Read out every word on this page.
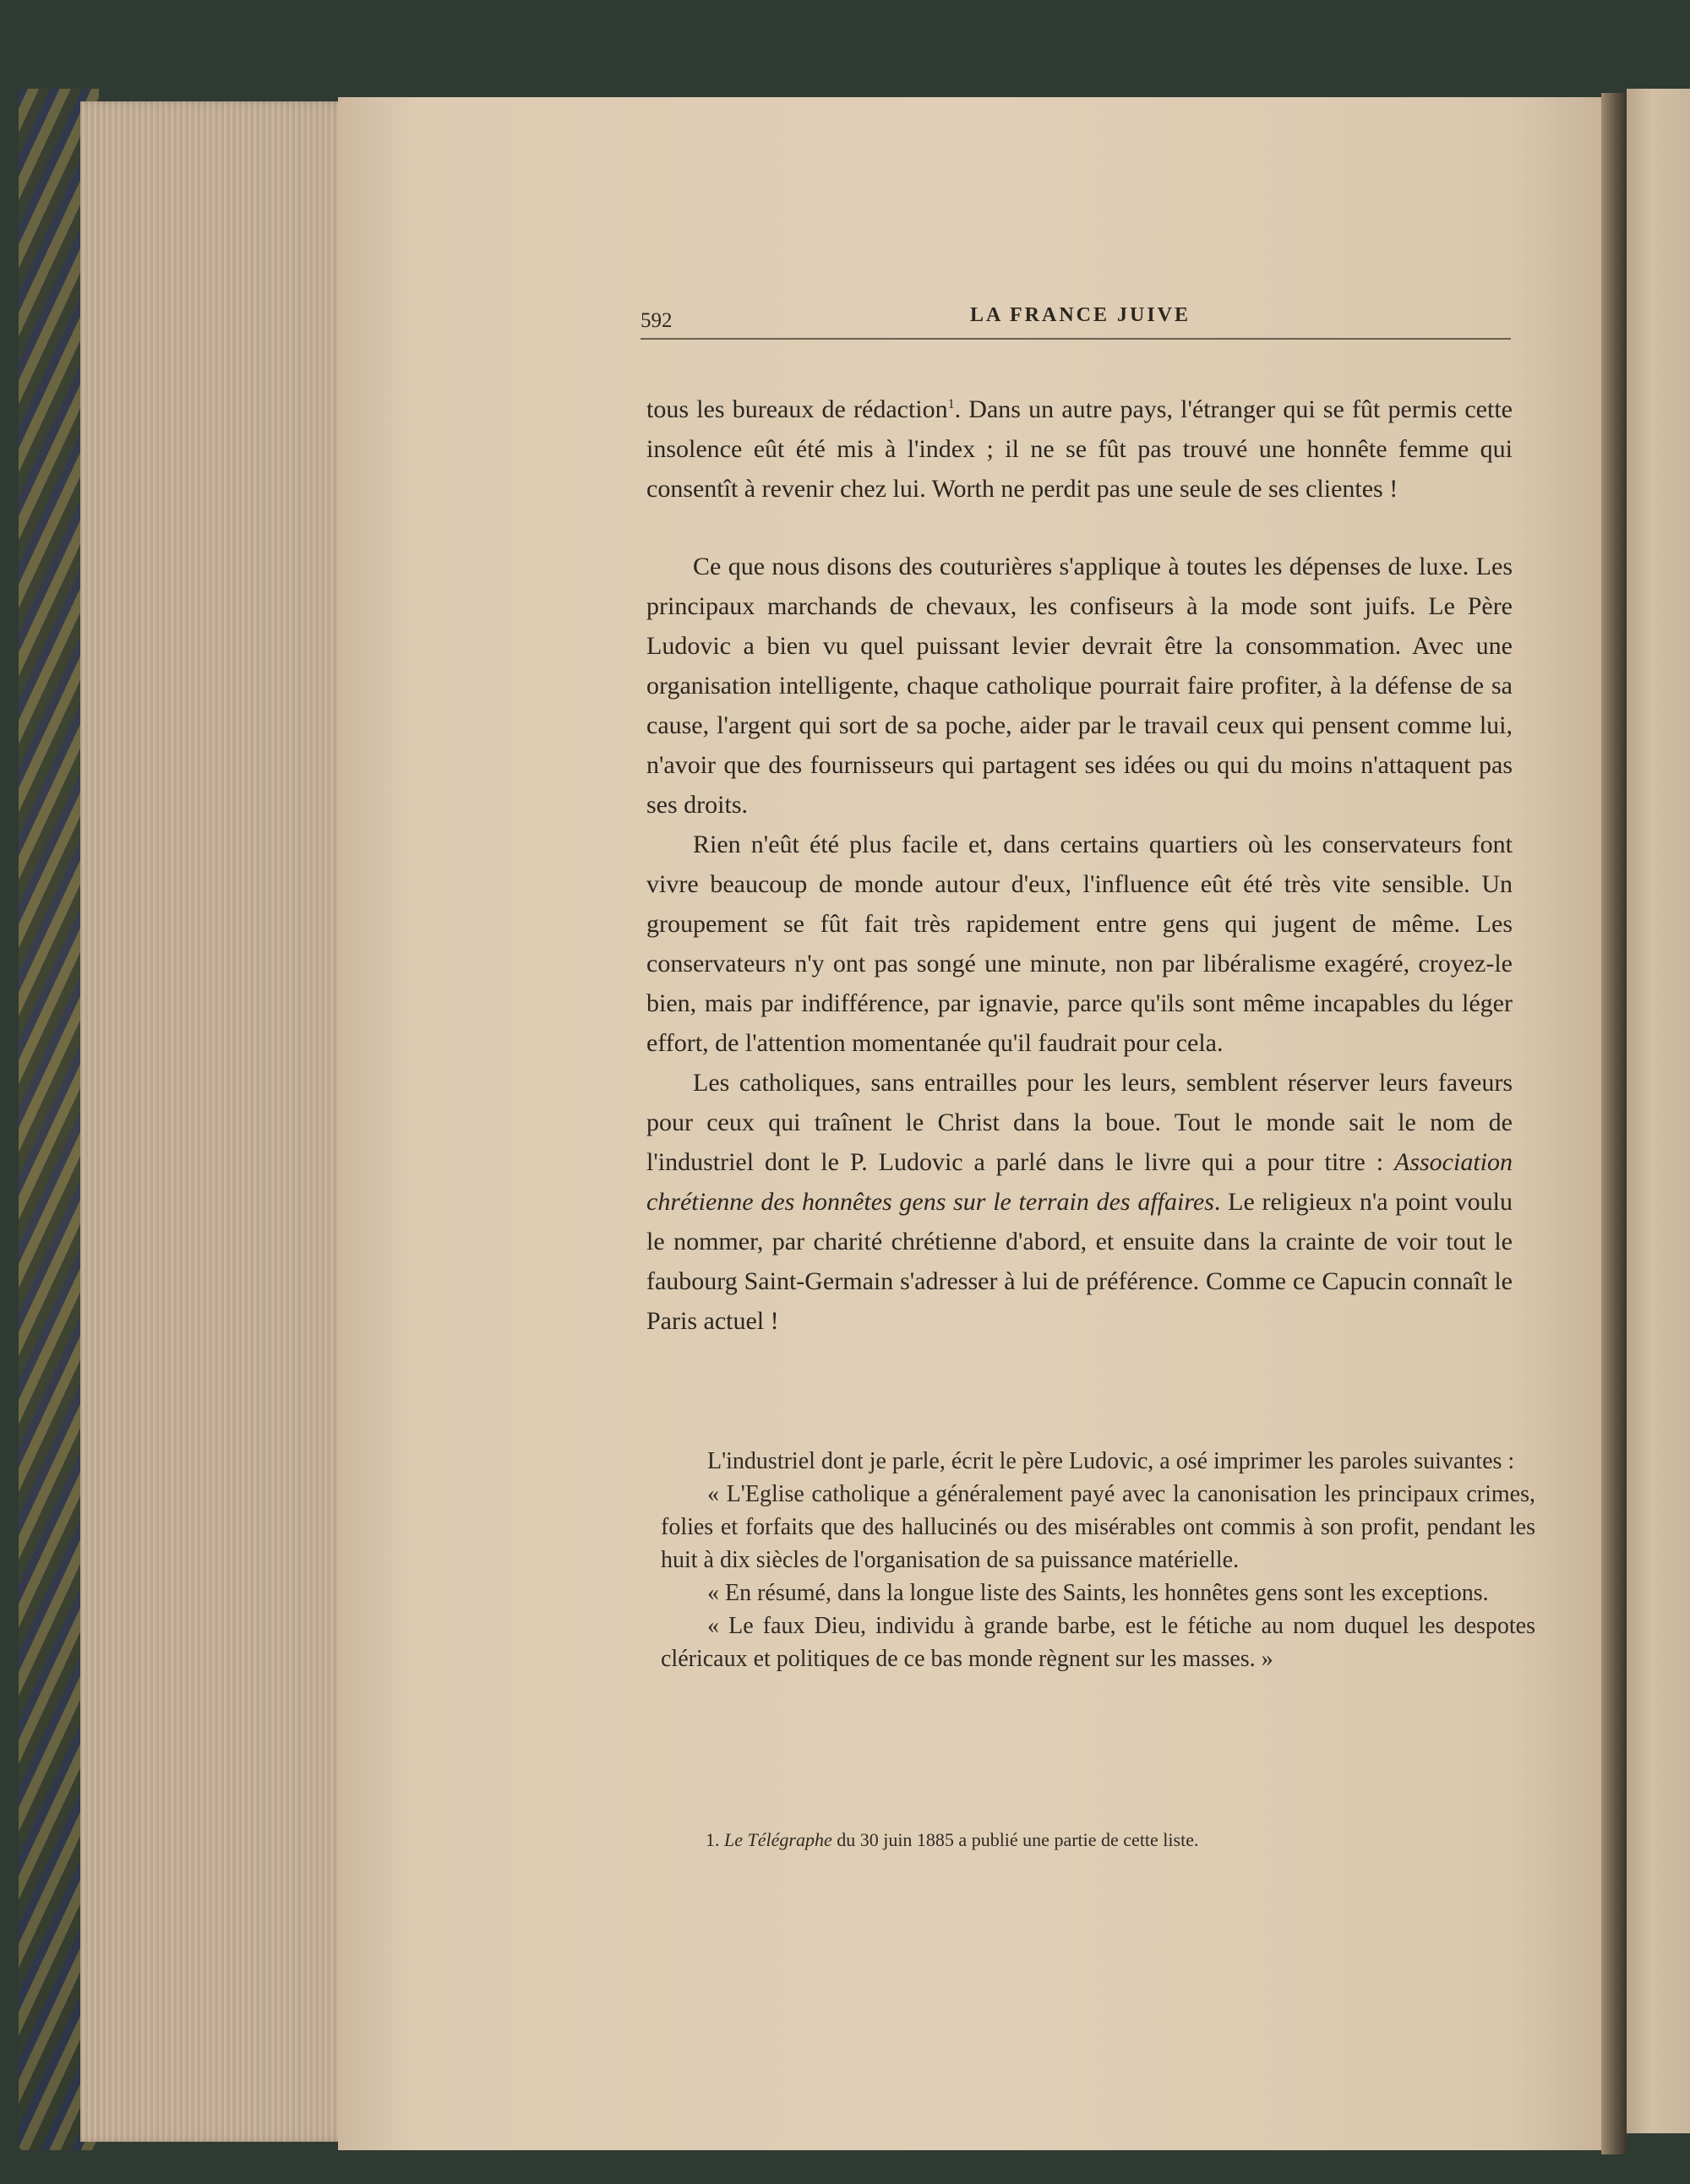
592	LA FRANCE JUIVE

tous les bureaux de rédaction$^1$. Dans un autre pays, l'étranger qui se fût permis cette insolence eût été mis à l'index ; il ne se fût pas trouvé une honnête femme qui consentît à revenir chez lui. Worth ne perdit pas une seule de ses clientes !

Ce que nous disons des couturières s'applique à toutes les dépenses de luxe. Les principaux marchands de chevaux, les confiseurs à la mode sont juifs. Le Père Ludovic a bien vu quel puissant levier devrait être la consommation. Avec une organisation intelligente, chaque catholique pourrait faire profiter, à la défense de sa cause, l'argent qui sort de sa poche, aider par le travail ceux qui pensent comme lui, n'avoir que des fournisseurs qui partagent ses idées ou qui du moins n'attaquent pas ses droits.

Rien n'eût été plus facile et, dans certains quartiers où les conservateurs font vivre beaucoup de monde autour d'eux, l'influence eût été très vite sensible. Un groupement se fût fait très rapidement entre gens qui jugent de même. Les conservateurs n'y ont pas songé une minute, non par libéralisme exagéré, croyez-le bien, mais par indifférence, par ignavie, parce qu'ils sont même incapables du léger effort, de l'attention momentanée qu'il faudrait pour cela.

Les catholiques, sans entrailles pour les leurs, semblent réserver leurs faveurs pour ceux qui traînent le Christ dans la boue. Tout le monde sait le nom de l'industriel dont le P. Ludovic a parlé dans le livre qui a pour titre : Association chrétienne des honnêtes gens sur le terrain des affaires. Le religieux n'a point voulu le nommer, par charité chrétienne d'abord, et ensuite dans la crainte de voir tout le faubourg Saint-Germain s'adresser à lui de préférence. Comme ce Capucin connaît le Paris actuel !

L'industriel dont je parle, écrit le père Ludovic, a osé imprimer les paroles suivantes :

« L'Eglise catholique a généralement payé avec la canonisation les principaux crimes, folies et forfaits que des hallucinés ou des misérables ont commis à son profit, pendant les huit à dix siècles de l'organisation de sa puissance matérielle.

« En résumé, dans la longue liste des Saints, les honnêtes gens sont les exceptions.

« Le faux Dieu, individu à grande barbe, est le fétiche au nom duquel les despotes cléricaux et politiques de ce bas monde règnent sur les masses. »

1. Le Télégraphe du 30 juin 1885 a publié une partie de cette liste.
